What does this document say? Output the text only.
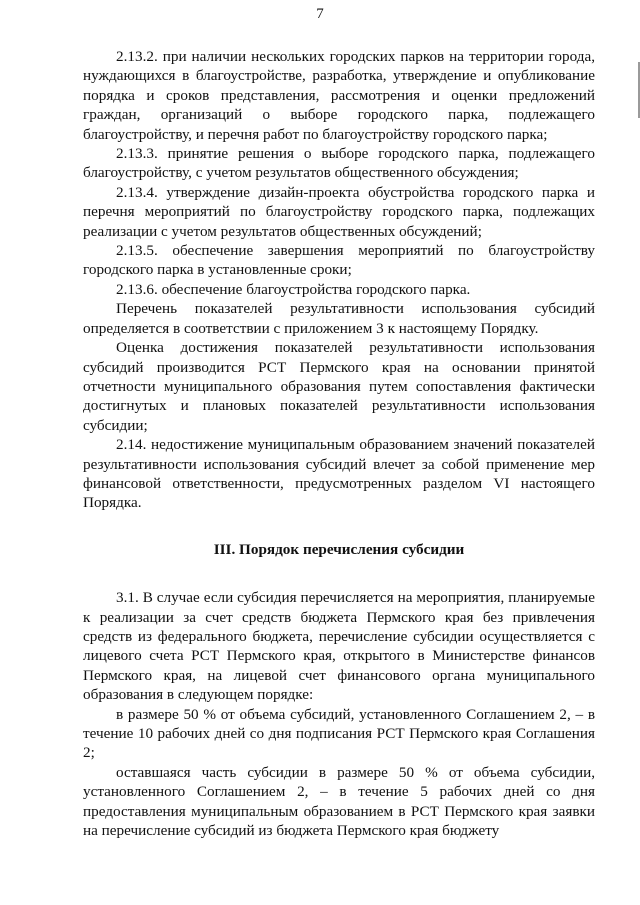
7

2.13.2. при наличии нескольких городских парков на территории города, нуждающихся в благоустройстве, разработка, утверждение и опубликование порядка и сроков представления, рассмотрения и оценки предложений граждан, организаций о выборе городского парка, подлежащего благоустройству, и перечня работ по благоустройству городского парка;

2.13.3. принятие решения о выборе городского парка, подлежащего благоустройству, с учетом результатов общественного обсуждения;

2.13.4. утверждение дизайн-проекта обустройства городского парка и перечня мероприятий по благоустройству городского парка, подлежащих реализации с учетом результатов общественных обсуждений;

2.13.5. обеспечение завершения мероприятий по благоустройству городского парка в установленные сроки;

2.13.6. обеспечение благоустройства городского парка.

Перечень показателей результативности использования субсидий определяется в соответствии с приложением 3 к настоящему Порядку.

Оценка достижения показателей результативности использования субсидий производится РСТ Пермского края на основании принятой отчетности муниципального образования путем сопоставления фактически достигнутых и плановых показателей результативности использования субсидии;

2.14. недостижение муниципальным образованием значений показателей результативности использования субсидий влечет за собой применение мер финансовой ответственности, предусмотренных разделом VI настоящего Порядка.

III. Порядок перечисления субсидии

3.1. В случае если субсидия перечисляется на мероприятия, планируемые к реализации за счет средств бюджета Пермского края без привлечения средств из федерального бюджета, перечисление субсидии осуществляется с лицевого счета РСТ Пермского края, открытого в Министерстве финансов Пермского края, на лицевой счет финансового органа муниципального образования в следующем порядке:

в размере 50 % от объема субсидий, установленного Соглашением 2, – в течение 10 рабочих дней со дня подписания РСТ Пермского края Соглашения 2;

оставшаяся часть субсидии в размере 50 % от объема субсидии, установленного Соглашением 2, – в течение 5 рабочих дней со дня предоставления муниципальным образованием в РСТ Пермского края заявки на перечисление субсидий из бюджета Пермского края бюджету
